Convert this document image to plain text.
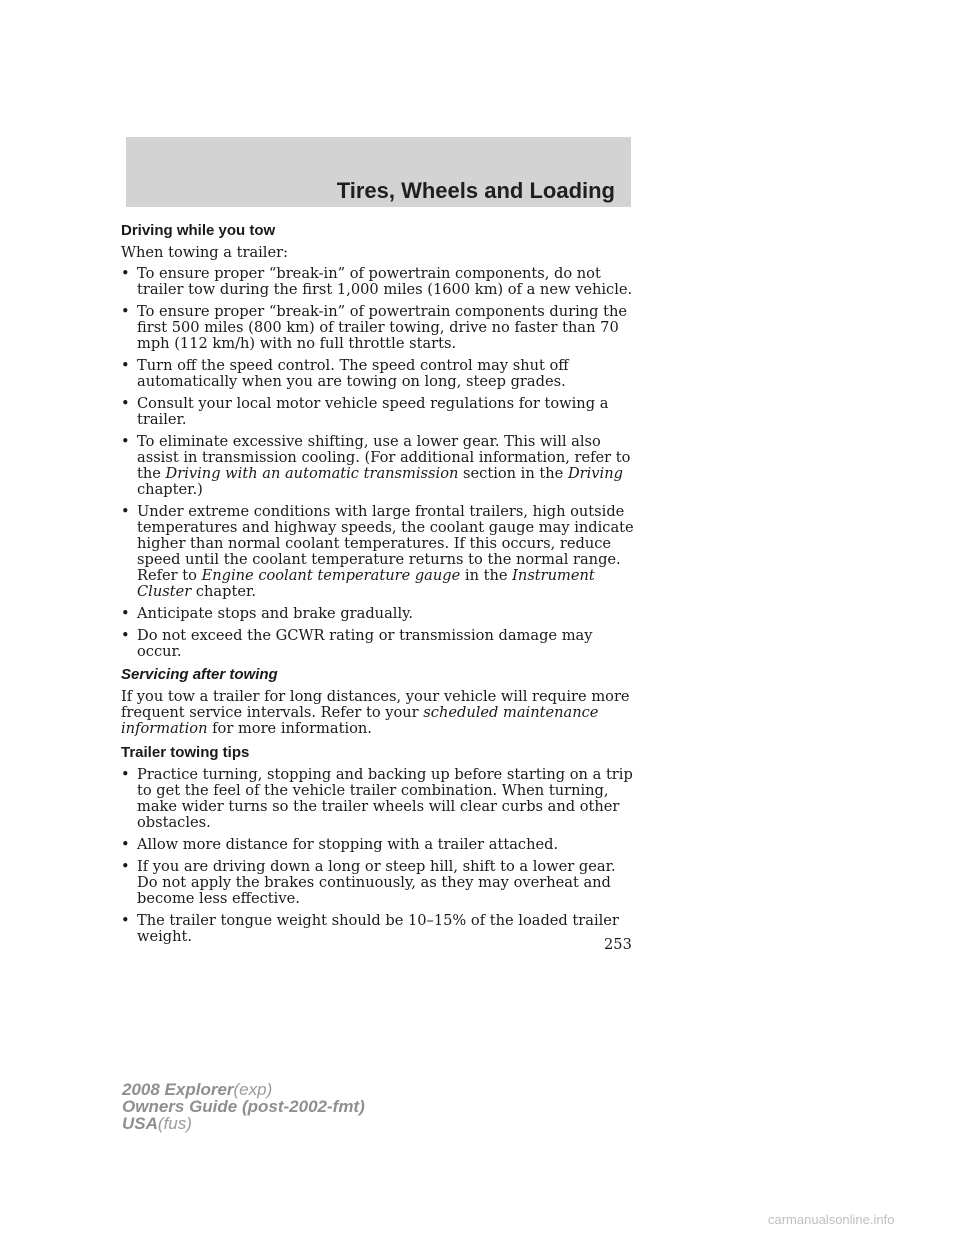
Tires, Wheels and Loading
Driving while you tow
When towing a trailer:
• To ensure proper “break-in” of powertrain components, do not trailer tow during the first 1,000 miles (1600 km) of a new vehicle.
• To ensure proper “break-in” of powertrain components during the first 500 miles (800 km) of trailer towing, drive no faster than 70 mph (112 km/h) with no full throttle starts.
• Turn off the speed control. The speed control may shut off automatically when you are towing on long, steep grades.
• Consult your local motor vehicle speed regulations for towing a trailer.
• To eliminate excessive shifting, use a lower gear. This will also assist in transmission cooling. (For additional information, refer to the Driving with an automatic transmission section in the Driving chapter.)
• Under extreme conditions with large frontal trailers, high outside temperatures and highway speeds, the coolant gauge may indicate higher than normal coolant temperatures. If this occurs, reduce speed until the coolant temperature returns to the normal range. Refer to Engine coolant temperature gauge in the Instrument Cluster chapter.
• Anticipate stops and brake gradually.
• Do not exceed the GCWR rating or transmission damage may occur.
Servicing after towing
If you tow a trailer for long distances, your vehicle will require more frequent service intervals. Refer to your scheduled maintenance information for more information.
Trailer towing tips
• Practice turning, stopping and backing up before starting on a trip to get the feel of the vehicle trailer combination. When turning, make wider turns so the trailer wheels will clear curbs and other obstacles.
• Allow more distance for stopping with a trailer attached.
• If you are driving down a long or steep hill, shift to a lower gear. Do not apply the brakes continuously, as they may overheat and become less effective.
• The trailer tongue weight should be 10–15% of the loaded trailer weight.	253
2008 Explorer(exp)
Owners Guide (post-2002-fmt)
USA(fus)
carmanualsonline.info
